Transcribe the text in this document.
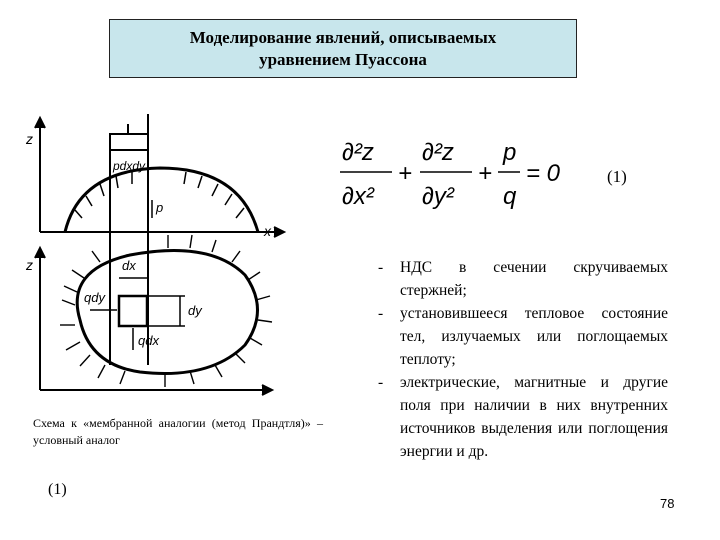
Моделирование явлений, описываемых
уравнением Пуассона
pdxdy
p
z
x
z	dx
dy
qdy
qdx
Схема к «мембранной аналогии (метод Прандтля)» – условный аналог
(1)
∂²z
∂x²
+
∂²z
∂y²
+
p
q
= 0	(1)
- НДС в сечении скручиваемых стержней;
- установившееся тепловое состояние тел, излучаемых или поглощаемых теплоту;
- электрические, магнитные и другие поля при наличии в них внутренних источников выделения или поглощения энергии и др.
78
